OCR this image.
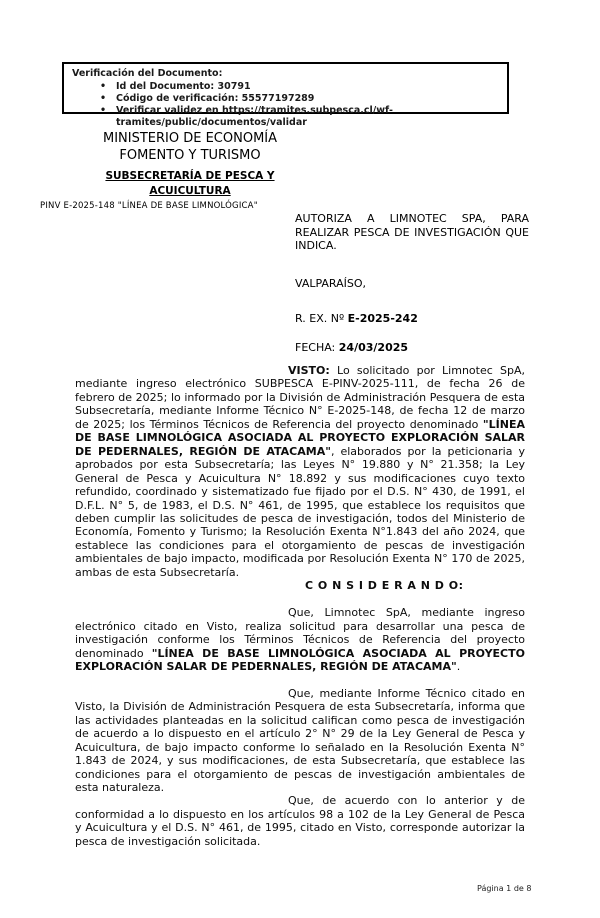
Verificación del Documento:
• Id del Documento: 30791
• Código de verificación: 55577197289
• Verificar validez en https://tramites.subpesca.cl/wf-tramites/public/documentos/validar
MINISTERIO DE ECONOMÍA
FOMENTO Y TURISMO
SUBSECRETARÍA DE PESCA Y
ACUICULTURA
PINV E-2025-148 "LÍNEA DE BASE LIMNOLÓGICA"
AUTORIZA A LIMNOTEC SPA, PARA REALIZAR PESCA DE INVESTIGACIÓN QUE INDICA.
VALPARAÍSO,
R. EX. Nº E-2025-242
FECHA: 24/03/2025

VISTO: Lo solicitado por Limnotec SpA, mediante ingreso electrónico SUBPESCA E-PINV-2025-111, de fecha 26 de febrero de 2025; lo informado por la División de Administración Pesquera de esta Subsecretaría, mediante Informe Técnico N° E-2025-148, de fecha 12 de marzo de 2025; los Términos Técnicos de Referencia del proyecto denominado "LÍNEA DE BASE LIMNOLÓGICA ASOCIADA AL PROYECTO EXPLORACIÓN SALAR DE PEDERNALES, REGIÓN DE ATACAMA", elaborados por la peticionaria y aprobados por esta Subsecretaría; las Leyes N° 19.880 y N° 21.358; la Ley General de Pesca y Acuicultura N° 18.892 y sus modificaciones cuyo texto refundido, coordinado y sistematizado fue fijado por el D.S. N° 430, de 1991, el D.F.L. N° 5, de 1983, el D.S. N° 461, de 1995, que establece los requisitos que deben cumplir las solicitudes de pesca de investigación, todos del Ministerio de Economía, Fomento y Turismo; la Resolución Exenta N°1.843 del año 2024, que establece las condiciones para el otorgamiento de pescas de investigación ambientales de bajo impacto, modificada por Resolución Exenta N° 170 de 2025, ambas de esta Subsecretaría.

C O N S I D E R A N D O:

Que, Limnotec SpA, mediante ingreso electrónico citado en Visto, realiza solicitud para desarrollar una pesca de investigación conforme los Términos Técnicos de Referencia del proyecto denominado "LÍNEA DE BASE LIMNOLÓGICA ASOCIADA AL PROYECTO EXPLORACIÓN SALAR DE PEDERNALES, REGIÓN DE ATACAMA".

Que, mediante Informe Técnico citado en Visto, la División de Administración Pesquera de esta Subsecretaría, informa que las actividades planteadas en la solicitud califican como pesca de investigación de acuerdo a lo dispuesto en el artículo 2° N° 29 de la Ley General de Pesca y Acuicultura, de bajo impacto conforme lo señalado en la Resolución Exenta N° 1.843 de 2024, y sus modificaciones, de esta Subsecretaría, que establece las condiciones para el otorgamiento de pescas de investigación ambientales de esta naturaleza.

Que, de acuerdo con lo anterior y de conformidad a lo dispuesto en los artículos 98 a 102 de la Ley General de Pesca y Acuicultura y el D.S. N° 461, de 1995, citado en Visto, corresponde autorizar la pesca de investigación solicitada.

Página 1 de 8
